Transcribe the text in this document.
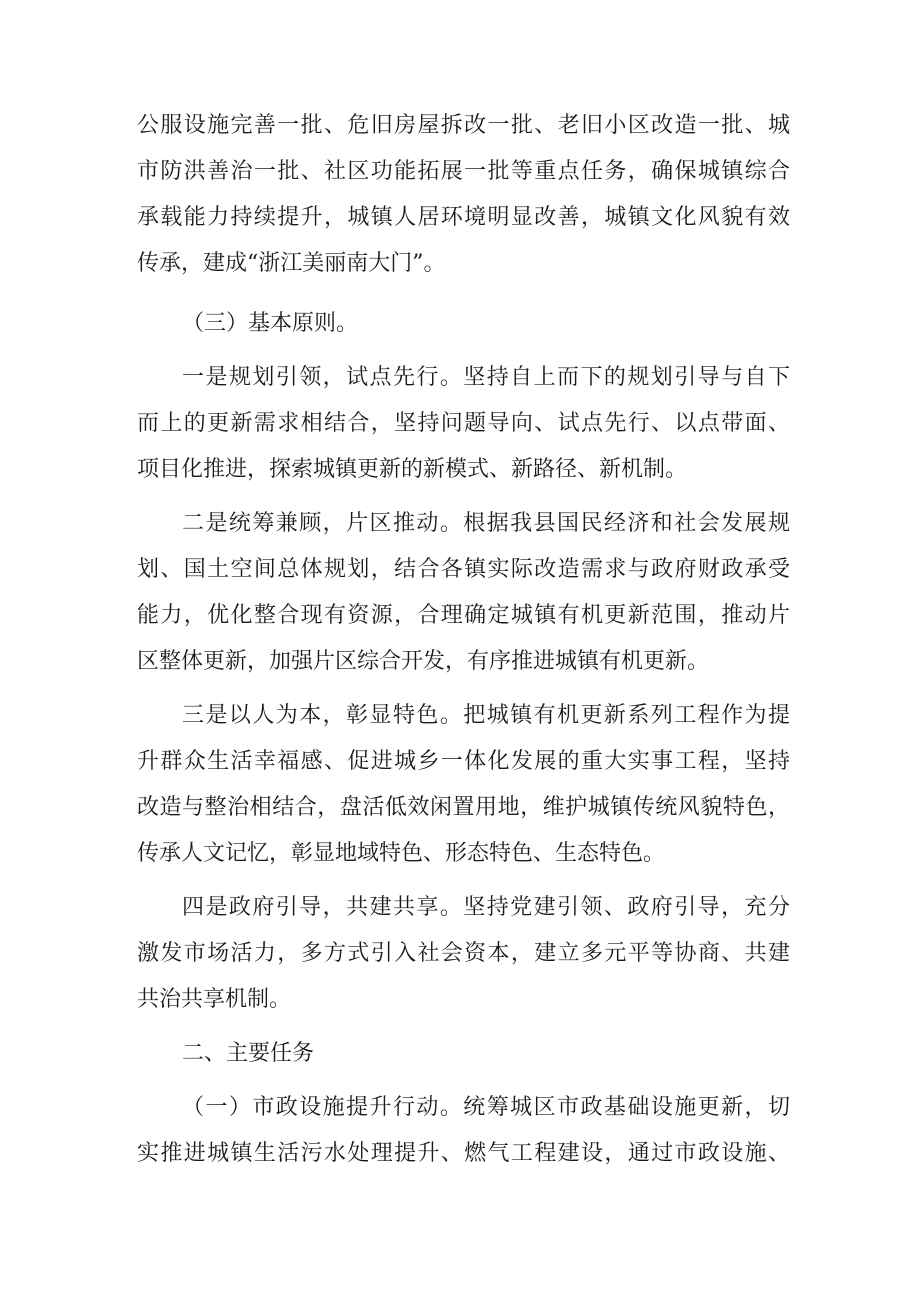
公服设施完善一批、危旧房屋拆改一批、老旧小区改造一批、城

市防洪善治一批、社区功能拓展一批等重点任务，确保城镇综合

承载能力持续提升，城镇人居环境明显改善，城镇文化风貌有效

传承，建成“浙江美丽南大门”。

（三）基本原则。

一是规划引领，试点先行。坚持自上而下的规划引导与自下

而上的更新需求相结合，坚持问题导向、试点先行、以点带面、

项目化推进，探索城镇更新的新模式、新路径、新机制。

二是统筹兼顾，片区推动。根据我县国民经济和社会发展规

划、国土空间总体规划，结合各镇实际改造需求与政府财政承受

能力，优化整合现有资源，合理确定城镇有机更新范围，推动片

区整体更新，加强片区综合开发，有序推进城镇有机更新。

三是以人为本，彰显特色。把城镇有机更新系列工程作为提

升群众生活幸福感、促进城乡一体化发展的重大实事工程，坚持

改造与整治相结合，盘活低效闲置用地，维护城镇传统风貌特色，

传承人文记忆，彰显地域特色、形态特色、生态特色。

四是政府引导，共建共享。坚持党建引领、政府引导，充分

激发市场活力，多方式引入社会资本，建立多元平等协商、共建

共治共享机制。

二、主要任务

（一）市政设施提升行动。统筹城区市政基础设施更新，切

实推进城镇生活污水处理提升、燃气工程建设，通过市政设施、
